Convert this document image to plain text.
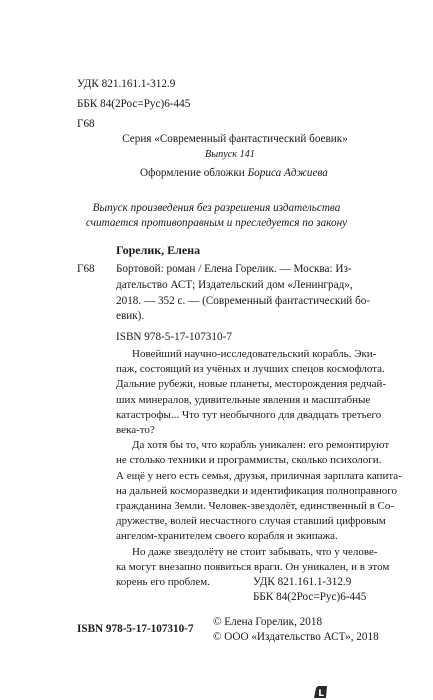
УДК 821.161.1-312.9
ББК 84(2Рос=Рус)6-445
Г68
Серия «Современный фантастический боевик»
Выпуск 141
Оформление обложки Бориса Аджиева
Выпуск произведения без разрешения издательства
считается противоправным и преследуется по закону
Горелик, Елена
Г68 Бортовой: роман / Елена Горелик. — Москва: Из-
дательство АСТ; Издательский дом «Ленинград»,
2018. — 352 с. — (Современный фантастический бо-
евик).
ISBN 978-5-17-107310-7
Новейший научно-исследовательский корабль. Эки-
паж, состоящий из учёных и лучших спецов космофлота.
Дальние рубежи, новые планеты, месторождения редчай-
ших минералов, удивительные явления и масштабные
катастрофы... Что тут необычного для двадцать третьего
века-то?
Да хотя бы то, что корабль уникален: его ремонтируют
не столько техники и программисты, сколько психологи.
А ещё у него есть семья, друзья, приличная зарплата капита-
на дальней косморазведки и идентификация полноправного
гражданина Земли. Человек-звездолёт, единственный в Со-
дружестве, волей несчастного случая ставший цифровым
ангелом-хранителем своего корабля и экипажа.
Но даже звездолёту не стоит забывать, что у челове-
ка могут внезапно появиться враги. Он уникален, и в этом
корень его проблем.	УДК 821.161.1-312.9
ББК 84(2Рос=Рус)6-445
ISBN 978-5-17-107310-7
© Елена Горелик, 2018
© ООО «Издательство АСТ», 2018
L
